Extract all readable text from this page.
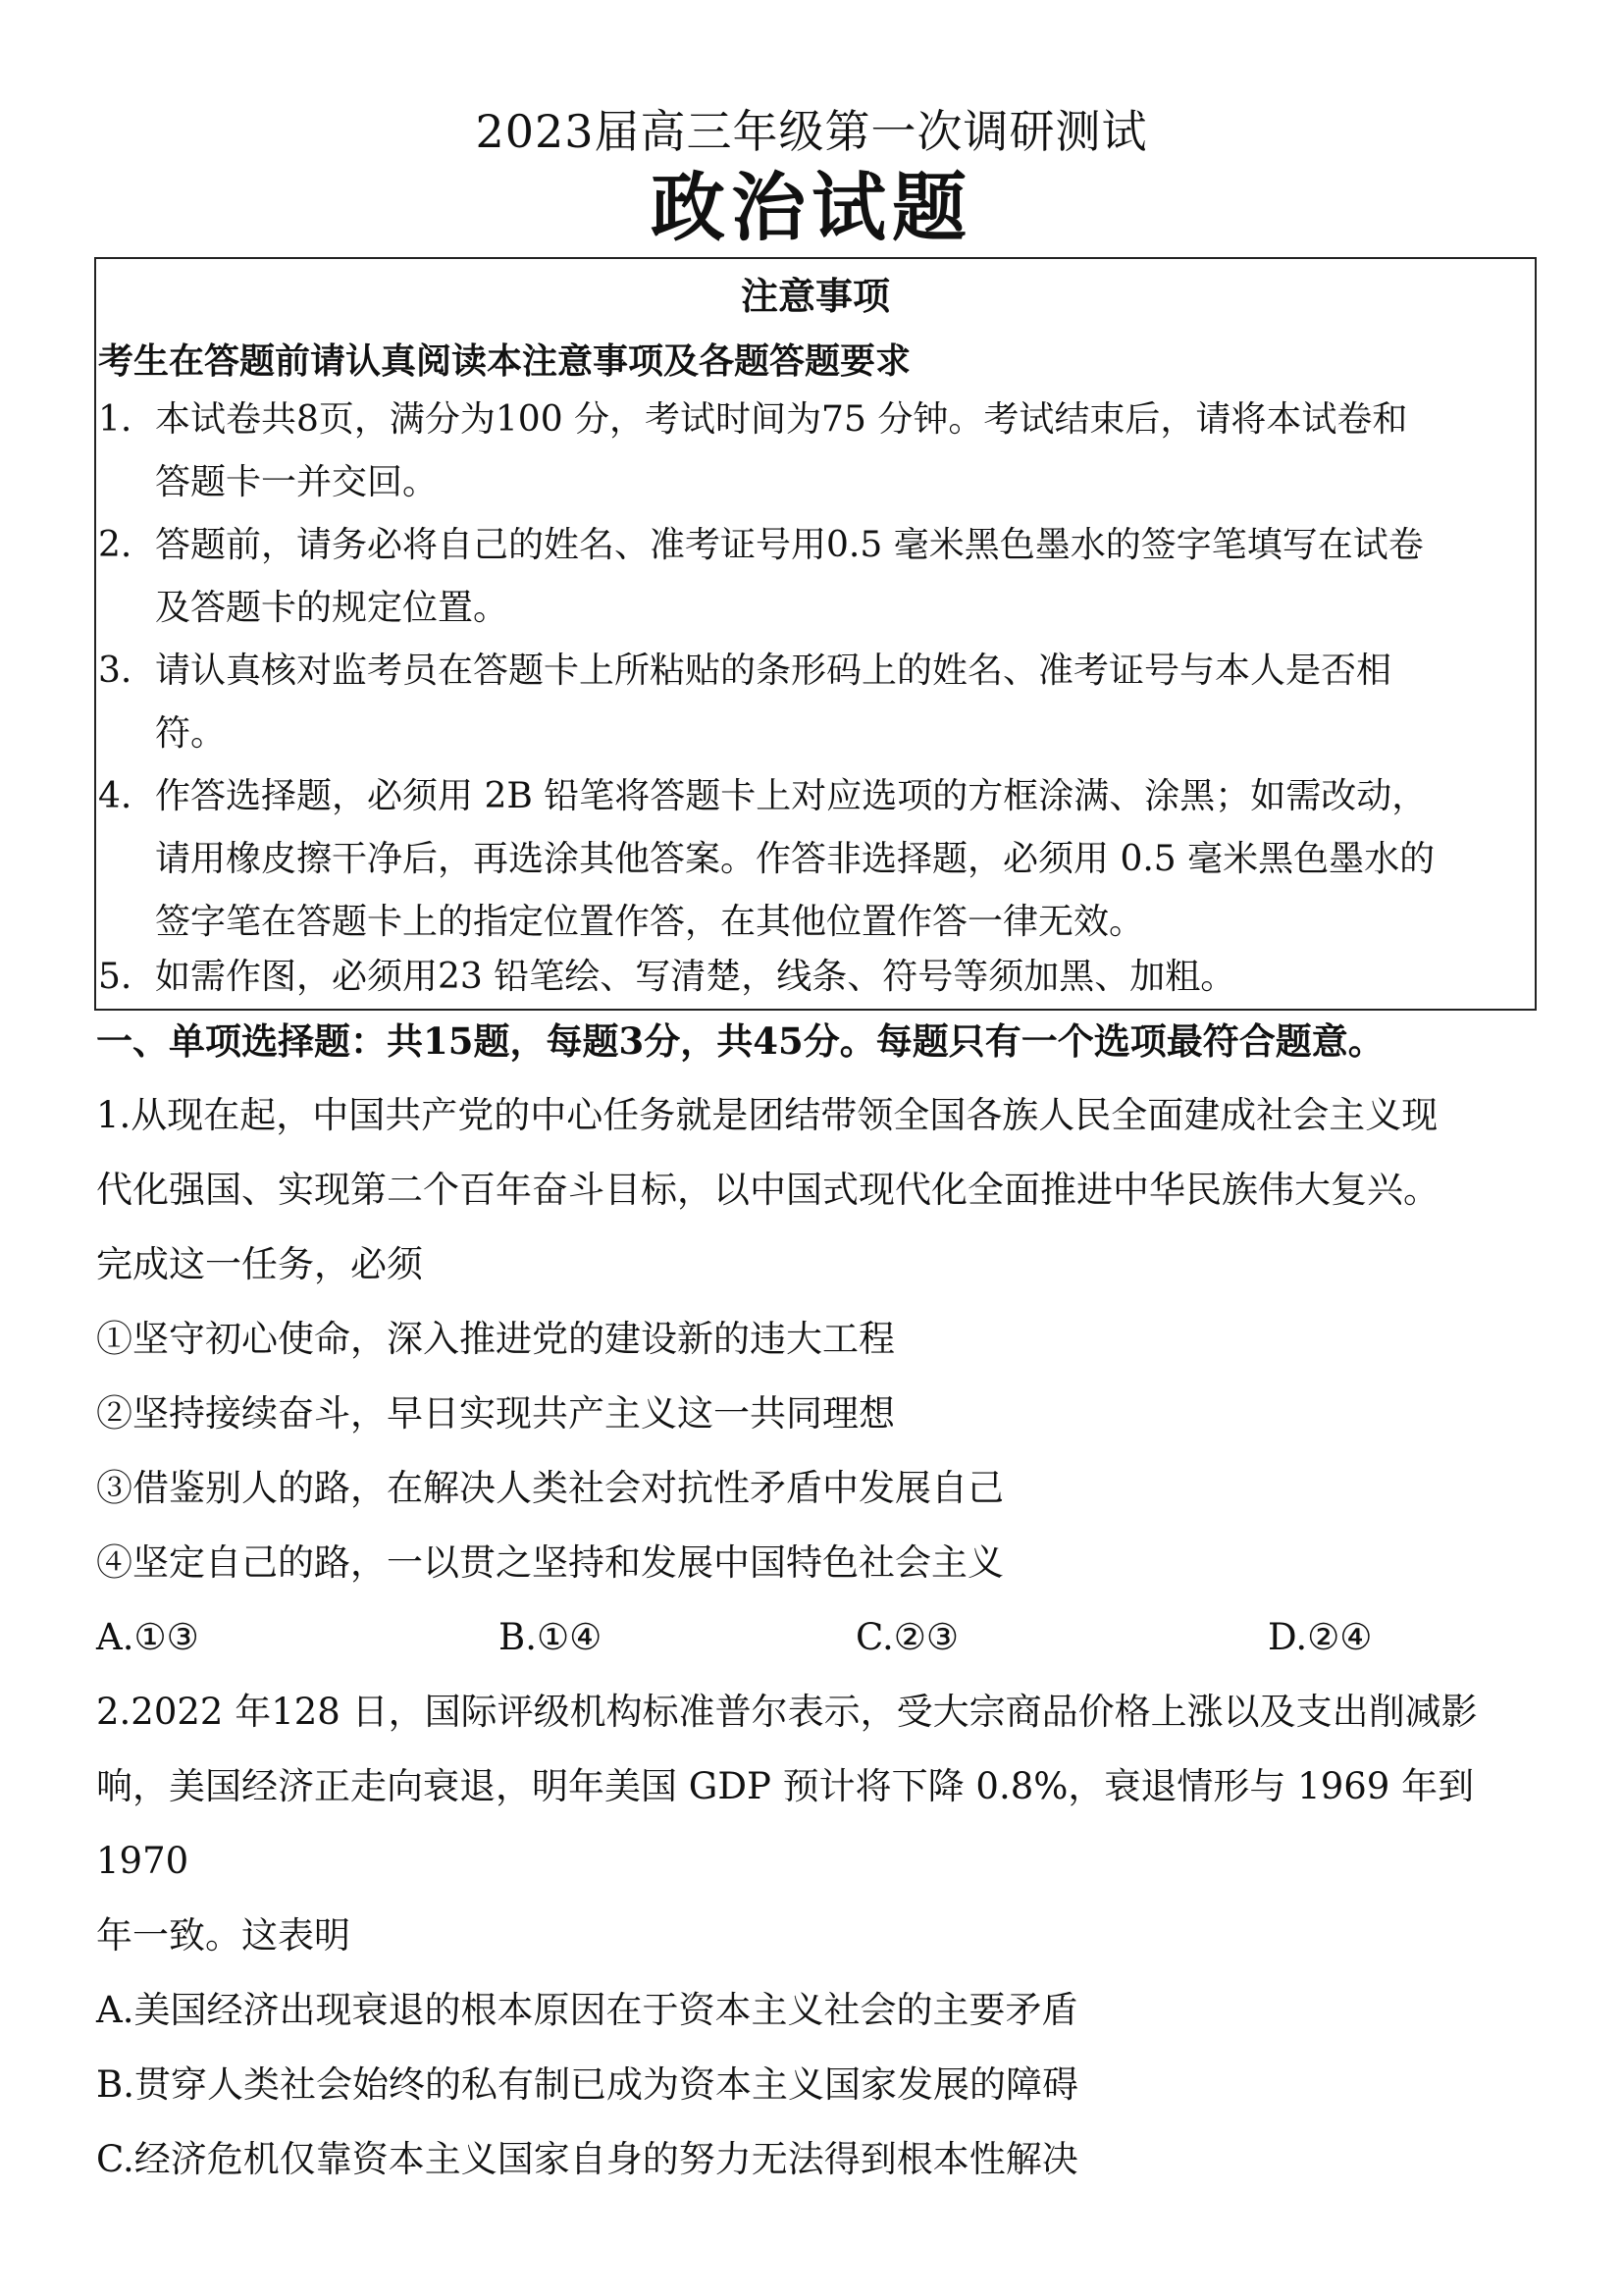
2023届高三年级第一次调研测试
政治试题
注意事项
考生在答题前请认真阅读本注意事项及各题答题要求
1. 本试卷共8页，满分为100 分，考试时间为75 分钟。考试结束后，请将本试卷和
答题卡一并交回。
2. 答题前，请务必将自己的姓名、准考证号用0.5 毫米黑色墨水的签字笔填写在试卷
及答题卡的规定位置。
3. 请认真核对监考员在答题卡上所粘贴的条形码上的姓名、准考证号与本人是否相
符。
4. 作答选择题，必须用 2B 铅笔将答题卡上对应选项的方框涂满、涂黑；如需改动，
请用橡皮擦干净后，再选涂其他答案。作答非选择题，必须用 0.5 毫米黑色墨水的
签字笔在答题卡上的指定位置作答，在其他位置作答一律无效。
5. 如需作图，必须用23 铅笔绘、写清楚，线条、符号等须加黑、加粗。
一、单项选择题：共15题，每题3分，共45分。每题只有一个选项最符合题意。
1.从现在起，中国共产党的中心任务就是团结带领全国各族人民全面建成社会主义现
代化强国、实现第二个百年奋斗目标，以中国式现代化全面推进中华民族伟大复兴。
完成这一任务，必须
①坚守初心使命，深入推进党的建设新的违大工程
②坚持接续奋斗，早日实现共产主义这一共同理想
③借鉴别人的路，在解决人类社会对抗性矛盾中发展自己
④坚定自己的路，一以贯之坚持和发展中国特色社会主义
A.①③	B.①④	C.②③	D.②④
2.2022 年128 日，国际评级机构标准普尔表示，受大宗商品价格上涨以及支出削减影
响，美国经济正走向衰退，明年美国 GDP 预计将下降 0.8%，衰退情形与 1969 年到
1970
年一致。这表明
A.美国经济出现衰退的根本原因在于资本主义社会的主要矛盾
B.贯穿人类社会始终的私有制已成为资本主义国家发展的障碍
C.经济危机仅靠资本主义国家自身的努力无法得到根本性解决
